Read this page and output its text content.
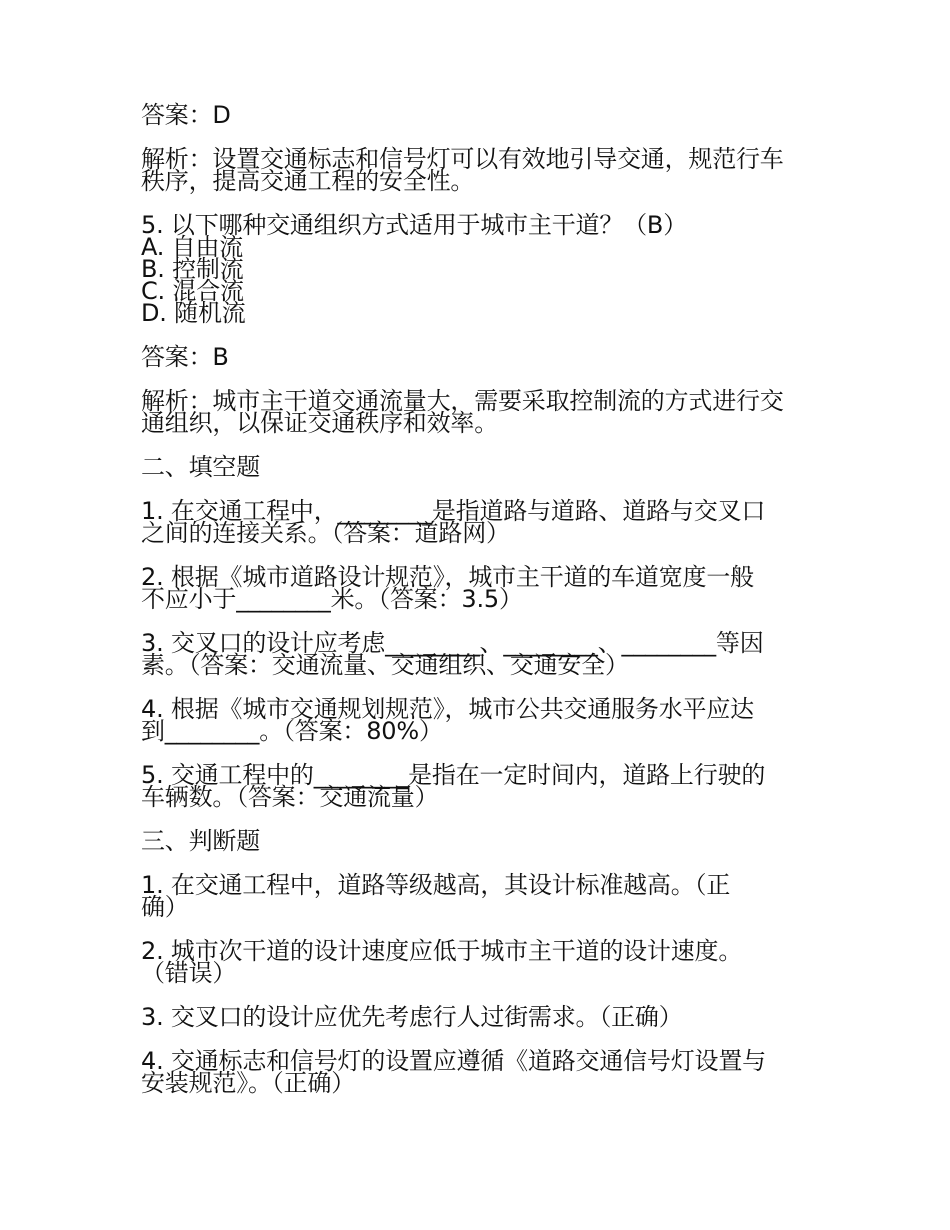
答案：D

解析：设置交通标志和信号灯可以有效地引导交通，规范行车
秩序，提高交通工程的安全性。

5. 以下哪种交通组织方式适用于城市主干道？（B）
A. 自由流
B. 控制流
C. 混合流
D. 随机流

答案：B

解析：城市主干道交通流量大，需要采取控制流的方式进行交
通组织，以保证交通秩序和效率。

二、填空题

1. 在交通工程中，________是指道路与道路、道路与交叉口
之间的连接关系。（答案：道路网）

2. 根据《城市道路设计规范》，城市主干道的车道宽度一般
不应小于________米。（答案：3.5）

3. 交叉口的设计应考虑________、________、________等因
素。（答案：交通流量、交通组织、交通安全）

4. 根据《城市交通规划规范》，城市公共交通服务水平应达
到________。（答案：80%）

5. 交通工程中的________是指在一定时间内，道路上行驶的
车辆数。（答案：交通流量）

三、判断题

1. 在交通工程中，道路等级越高，其设计标准越高。（正
确）

2. 城市次干道的设计速度应低于城市主干道的设计速度。
（错误）

3. 交叉口的设计应优先考虑行人过街需求。（正确）

4. 交通标志和信号灯的设置应遵循《道路交通信号灯设置与
安装规范》。（正确）
